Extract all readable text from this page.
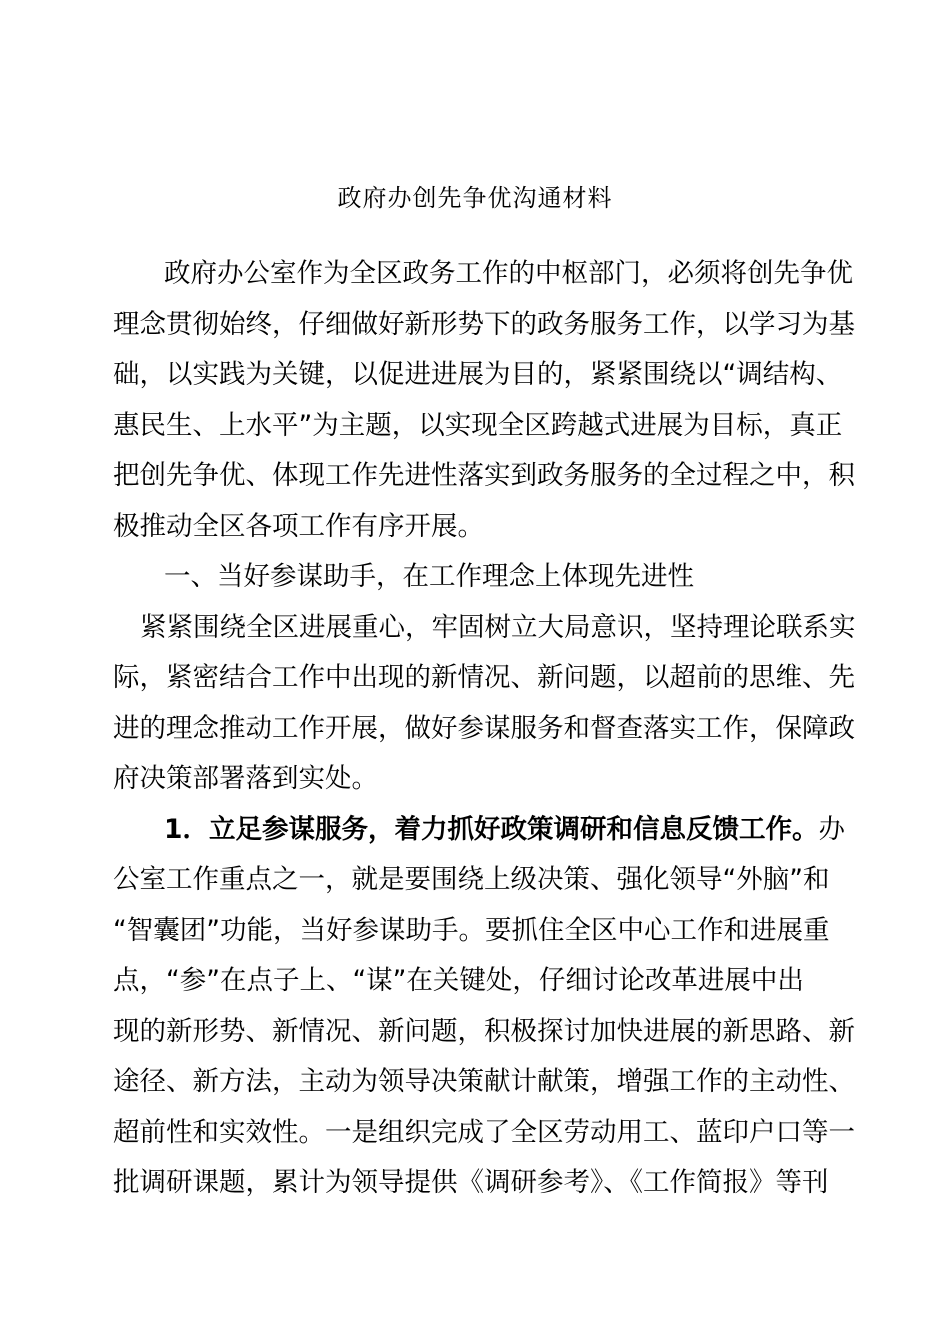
政府办创先争优沟通材料
政府办公室作为全区政务工作的中枢部门，必须将创先争优
理念贯彻始终，仔细做好新形势下的政务服务工作，以学习为基
础，以实践为关键，以促进进展为目的，紧紧围绕以“调结构、
惠民生、上水平”为主题，以实现全区跨越式进展为目标，真正
把创先争优、体现工作先进性落实到政务服务的全过程之中，积
极推动全区各项工作有序开展。
一、当好参谋助手，在工作理念上体现先进性
紧紧围绕全区进展重心，牢固树立大局意识，坚持理论联系实
际，紧密结合工作中出现的新情况、新问题，以超前的思维、先
进的理念推动工作开展，做好参谋服务和督查落实工作，保障政
府决策部署落到实处。
1．立足参谋服务，着力抓好政策调研和信息反馈工作。办
公室工作重点之一，就是要围绕上级决策、强化领导“外脑”和
“智囊团”功能，当好参谋助手。要抓住全区中心工作和进展重
点，“参”在点子上、“谋”在关键处，仔细讨论改革进展中出
现的新形势、新情况、新问题，积极探讨加快进展的新思路、新
途径、新方法，主动为领导决策献计献策，增强工作的主动性、
超前性和实效性。一是组织完成了全区劳动用工、蓝印户口等一
批调研课题，累计为领导提供《调研参考》、《工作简报》等刊
